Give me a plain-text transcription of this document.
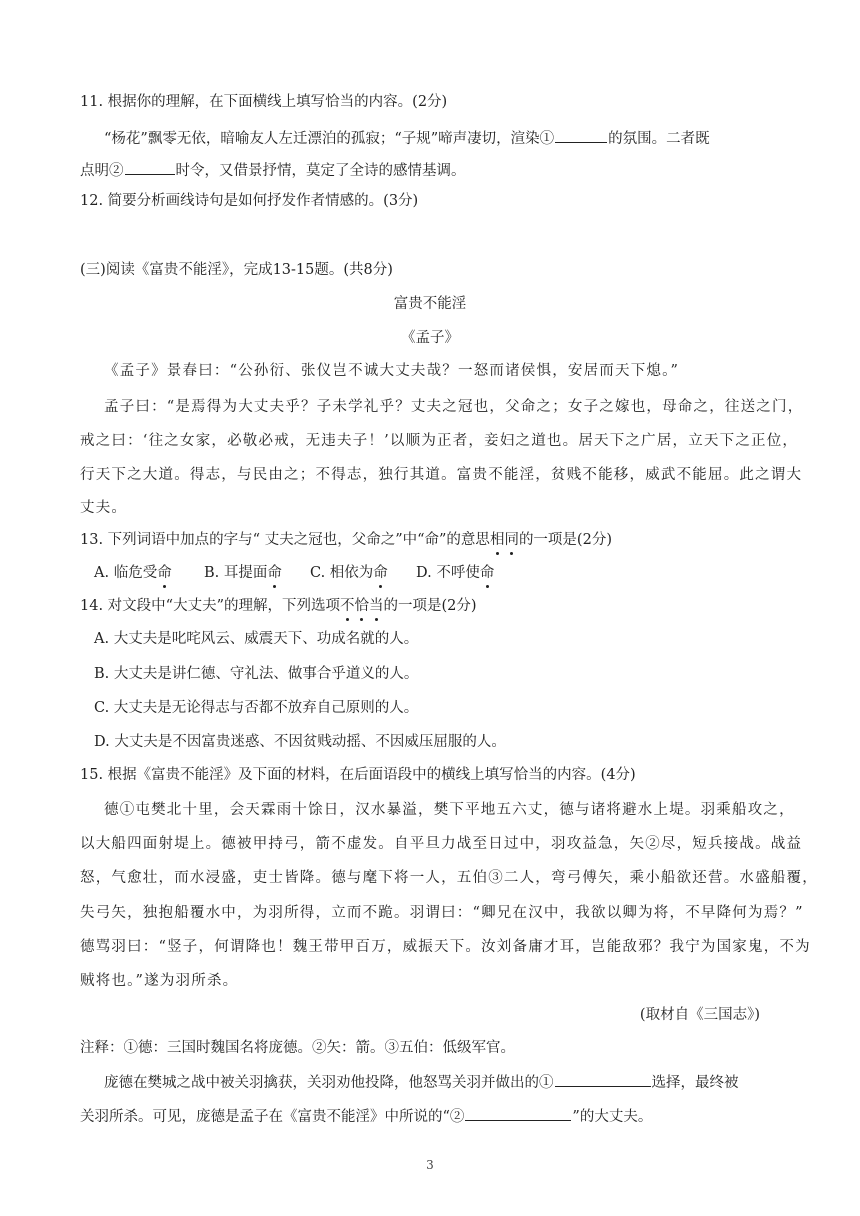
11. 根据你的理解，在下面横线上填写恰当的内容。(2分)
“杨花”飘零无依，暗喻友人左迁漂泊的孤寂；“子规”啼声凄切，渲染①	的氛围。二者既
点明②	时令，又借景抒情，莫定了全诗的感情基调。
12. 简要分析画线诗句是如何抒发作者情感的。(3分)
(三)阅读《富贵不能淫》，完成13-15题。(共8分)
富贵不能淫
《孟子》
《孟子》景春曰：“公孙衍、张仪岂不诚大丈夫哉？一怒而诸侯惧，安居而天下熄。”
孟子曰：“是焉得为大丈夫乎？子未学礼乎？丈夫之冠也，父命之；女子之嫁也，母命之，往送之门，
戒之曰：‘往之女家，必敬必戒，无违夫子！’以顺为正者，妾妇之道也。居天下之广居，立天下之正位，
行天下之大道。得志，与民由之；不得志，独行其道。富贵不能淫，贫贱不能移，威武不能屈。此之谓大
丈夫。
13. 下列词语中加点的字与“ 丈夫之冠也，父命之”中“命”的意思相同的一项是(2分)
A. 临危受命 B. 耳提面命 C. 相依为命 D. 不呼使命
14. 对文段中“大丈夫”的理解，下列选项不恰当的一项是(2分)
A. 大丈夫是叱咤风云、威震天下、功成名就的人。
B. 大丈夫是讲仁德、守礼法、做事合乎道义的人。
C. 大丈夫是无论得志与否都不放弃自己原则的人。
D. 大丈夫是不因富贵迷惑、不因贫贱动摇、不因威压屈服的人。
15. 根据《富贵不能淫》及下面的材料，在后面语段中的横线上填写恰当的内容。(4分)
德①屯樊北十里，会天霖雨十馀日，汉水暴溢，樊下平地五六丈，德与诸将避水上堤。羽乘船攻之，
以大船四面射堤上。德被甲持弓，箭不虚发。自平旦力战至日过中，羽攻益急，矢②尽，短兵接战。战益
怒，气愈壮，而水浸盛，吏士皆降。德与麾下将一人，五伯③二人，弯弓傅矢，乘小船欲还营。水盛船覆，
失弓矢，独抱船覆水中，为羽所得，立而不跪。羽谓曰：“卿兄在汉中，我欲以卿为将，不早降何为焉？”
德骂羽曰：“竖子，何谓降也！魏王带甲百万，威振天下。汝刘备庸才耳，岂能敌邪？我宁为国家鬼，不为
贼将也。”遂为羽所杀。
(取材自《三国志》)
注释：①德：三国时魏国名将庞德。②矢：箭。③五伯：低级军官。
庞德在樊城之战中被关羽擒获，关羽劝他投降，他怒骂关羽并做出的①	选择，最终被
关羽所杀。可见，庞德是孟子在《富贵不能淫》中所说的“②	”的大丈夫。
3
